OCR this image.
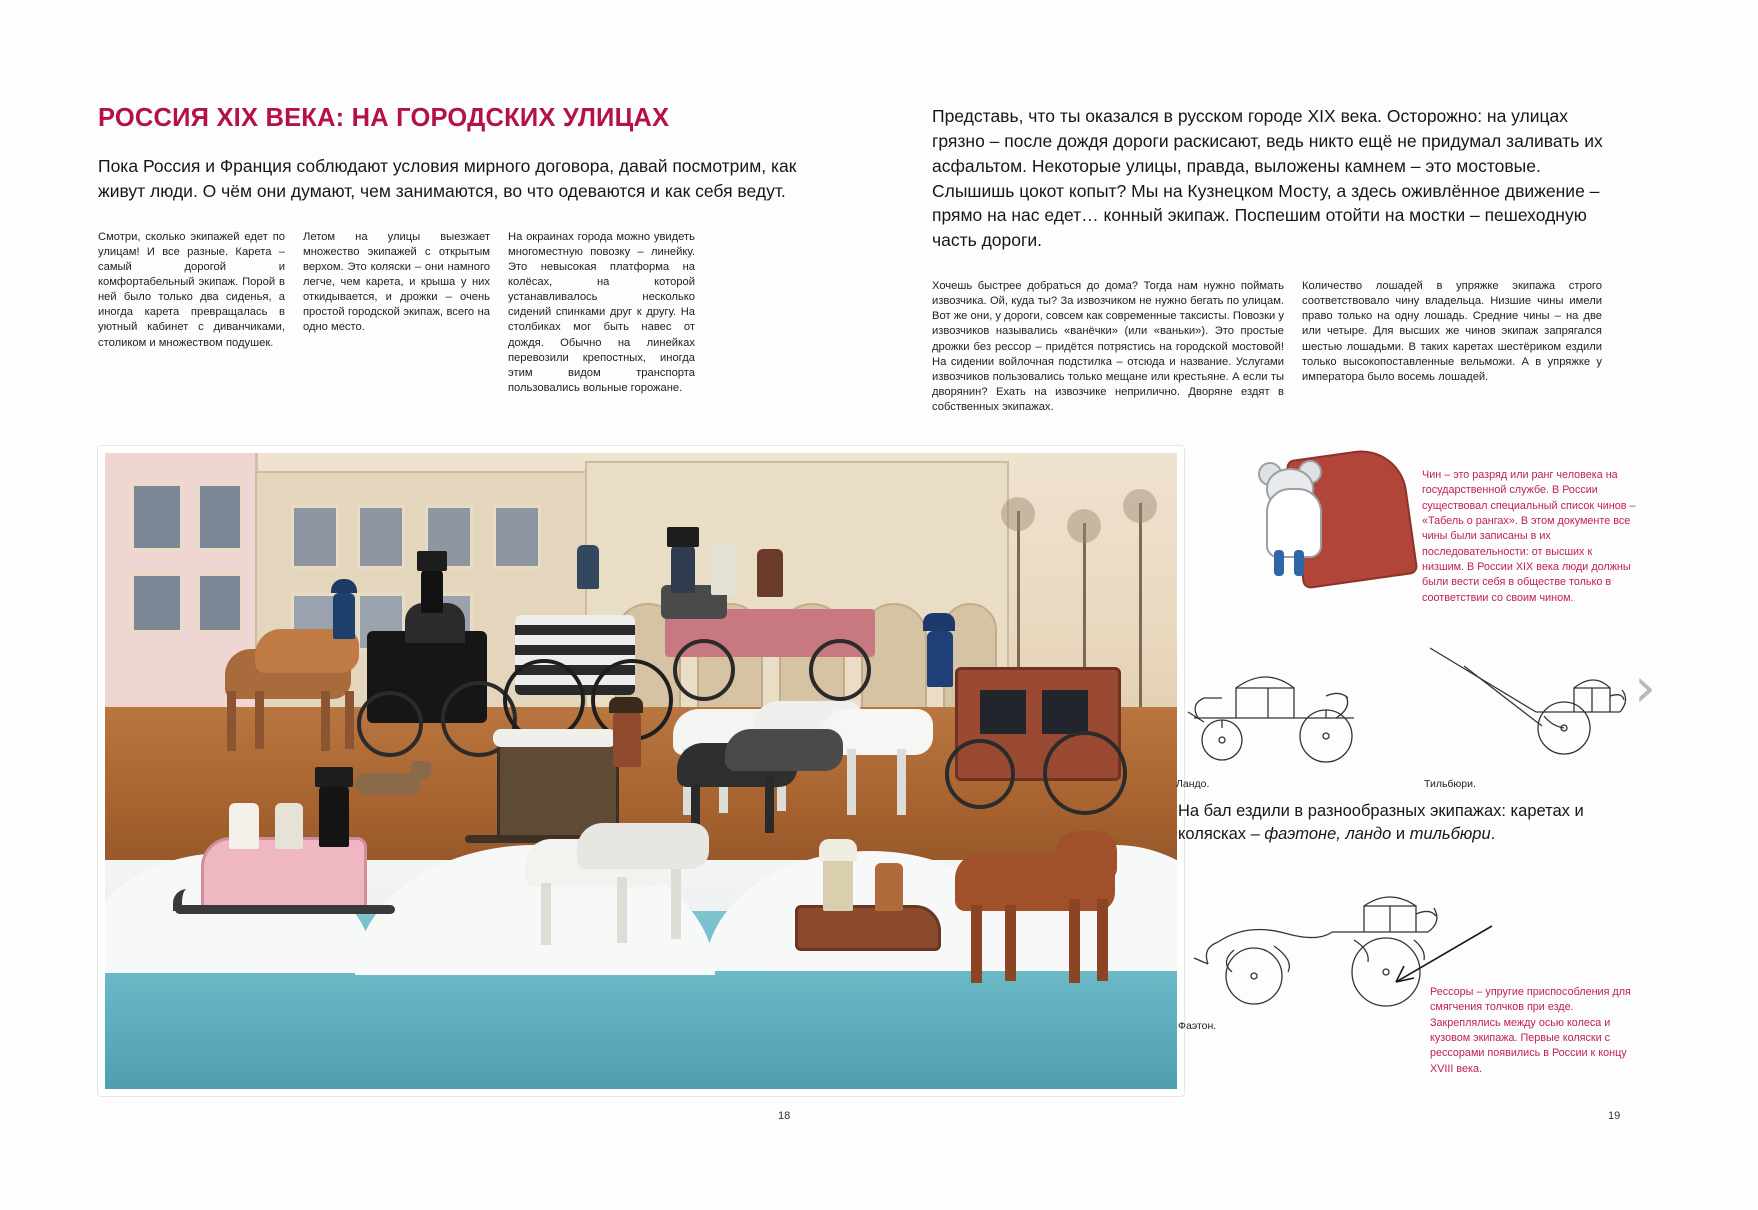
›
РОССИЯ XIX ВЕКА: НА ГОРОДСКИХ УЛИЦАХ

Пока Россия и Франция соблюдают условия мирного договора, давай посмотрим, как живут люди. О чём они думают, чем занимаются, во что одеваются и как себя ведут.

Смотри, сколько экипажей едет по улицам! И все разные. Карета – самый дорогой и комфортабельный экипаж. Порой в ней было только два сиденья, а иногда карета превращалась в уютный кабинет с диванчиками, столиком и множеством подушек.

Летом на улицы выезжает множество экипажей с открытым верхом. Это коляски – они намного легче, чем карета, и крыша у них откидывается, и дрожки – очень простой городской экипаж, всего на одно место.

На окраинах города можно увидеть многоместную повозку – линейку. Это невысокая платформа на колёсах, на которой устанавливалось несколько сидений спинками друг к другу. На столбиках мог быть навес от дождя. Обычно на линейках перевозили крепостных, иногда этим видом транспорта пользовались вольные горожане.

Представь, что ты оказался в русском городе XIX века. Осторожно: на улицах грязно – после дождя дороги раскисают, ведь никто ещё не придумал заливать их асфальтом. Некоторые улицы, правда, выложены камнем – это мостовые. Слышишь цокот копыт? Мы на Кузнецком Мосту, а здесь оживлённое движение – прямо на нас едет… конный экипаж. Поспешим отойти на мостки – пешеходную часть дороги.

Хочешь быстрее добраться до дома? Тогда нам нужно поймать извозчика. Ой, куда ты? За извозчиком не нужно бегать по улицам. Вот же они, у дороги, совсем как современные таксисты. Повозки у извозчиков назывались «ванёчки» (или «ваньки»). Это простые дрожки без рессор – придётся потрястись на городской мостовой! На сидении войлочная подстилка – отсюда и название. Услугами извозчиков пользовались только мещане или крестьяне. А если ты дворянин? Ехать на извозчике неприлично. Дворяне ездят в собственных экипажах.

Количество лошадей в упряжке экипажа строго соответствовало чину владельца. Низшие чины имели право только на одну лошадь. Средние чины – на две или четыре. Для высших же чинов экипаж запрягался шестью лошадьми. В таких каретах шестёриком ездили только высокопоставленные вельможи. А в упряжке у императора было восемь лошадей.

Чин – это разряд или ранг человека на государственной службе. В России существовал специальный список чинов – «Табель о рангах». В этом документе все чины были записаны в их последовательности: от высших к низшим. В России XIX века люди должны были вести себя в обществе только в соответствии со своим чином.
Ландо.	Тильбюри.
На бал ездили в разнообразных экипажах: каретах и колясках – фаэтоне, ландо и тильбюри.
Фаэтон.
Рессоры – упругие приспособления для смягчения толчков при езде. Закреплялись между осью колеса и кузовом экипажа. Первые коляски с рессорами появились в России к концу XVIII века.
18	19
